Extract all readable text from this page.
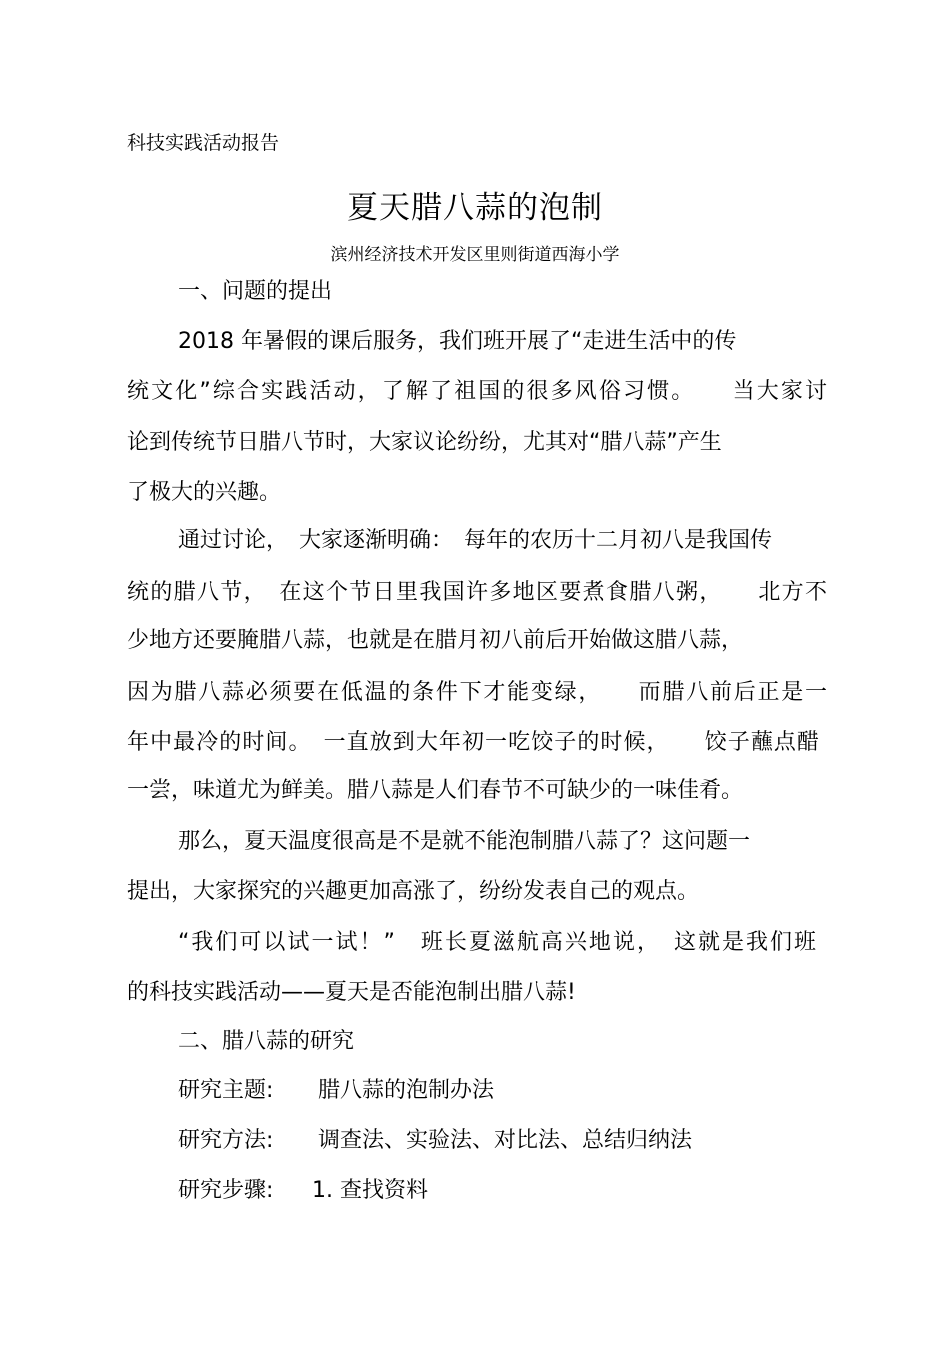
科技实践活动报告
夏天腊八蒜的泡制
滨州经济技术开发区里则街道西海小学
一、问题的提出
2018 年暑假的课后服务，我们班开展了“走进生活中的传
统文化”综合实践活动，了解了祖国的很多风俗习惯。　　当大家讨
论到传统节日腊八节时，大家议论纷纷，尤其对“腊八蒜”产生
了极大的兴趣。
通过讨论，　大家逐渐明确：　每年的农历十二月初八是我国传
统的腊八节，　在这个节日里我国许多地区要煮食腊八粥，　　北方不
少地方还要腌腊八蒜，也就是在腊月初八前后开始做这腊八蒜，
因为腊八蒜必须要在低温的条件下才能变绿，　　而腊八前后正是一
年中最冷的时间。　一直放到大年初一吃饺子的时候，　　饺子蘸点醋
一尝，味道尤为鲜美。腊八蒜是人们春节不可缺少的一味佳肴。
那么，夏天温度很高是不是就不能泡制腊八蒜了？这问题一
提出，大家探究的兴趣更加高涨了，纷纷发表自己的观点。
“我们可以试一试！”　班长夏滋航高兴地说，　这就是我们班
的科技实践活动——夏天是否能泡制出腊八蒜!
二、腊八蒜的研究
研究主题: 腊八蒜的泡制办法
研究方法: 调查法、实验法、对比法、总结归纳法
研究步骤: 1. 查找资料
